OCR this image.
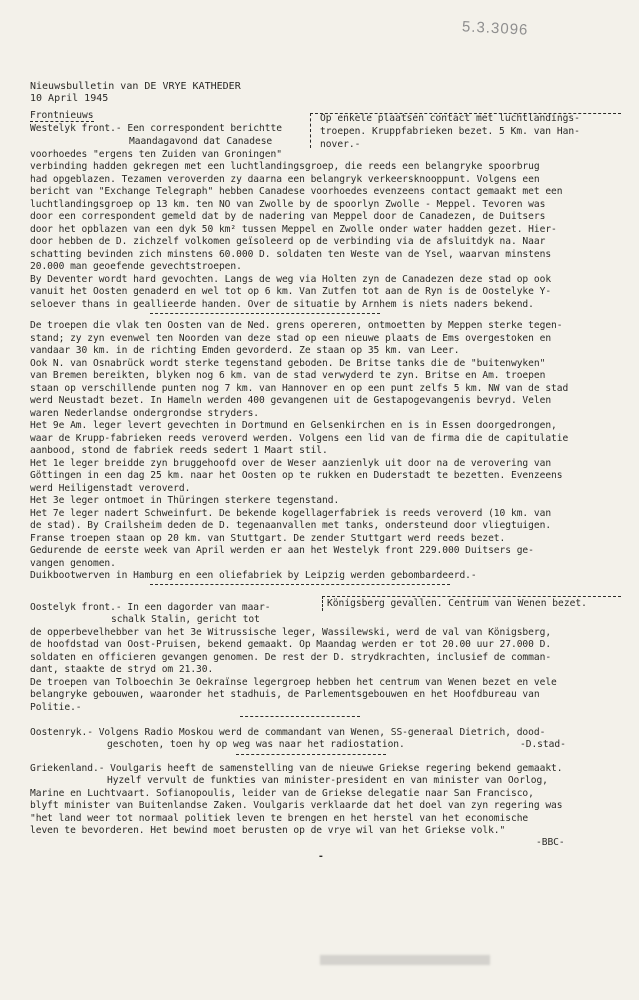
5.3.3096
Nieuwsbulletin van DE VRYE KATHEDER
10 April 1945
Frontnieuws	Op enkele plaatsen contact met luchtlandings-
troepen. Kruppfabrieken bezet. 5 Km. van Han-
nover.-
Westelyk front.- Een correspondent berichtte
Maandagavond dat Canadese
voorhoedes "ergens ten Zuiden van Groningen"
verbinding hadden gekregen met een luchtlandingsgroep, die reeds een belangryke spoorbrug
had opgeblazen. Tezamen veroverden zy daarna een belangryk verkeersknooppunt. Volgens een
bericht van "Exchange Telegraph" hebben Canadese voorhoedes evenzeens contact gemaakt met een
luchtlandingsgroep op 13 km. ten NO van Zwolle by de spoorlyn Zwolle - Meppel. Tevoren was
door een correspondent gemeld dat by de nadering van Meppel door de Canadezen, de Duitsers
door het opblazen van een dyk 50 km² tussen Meppel en Zwolle onder water hadden gezet. Hier-
door hebben de D. zichzelf volkomen geïsoleerd op de verbinding via de afsluitdyk na. Naar
schatting bevinden zich minstens 60.000 D. soldaten ten Weste van de Ysel, waarvan minstens
20.000 man geoefende gevechtstroepen.
By Deventer wordt hard gevochten. Langs de weg via Holten zyn de Canadezen deze stad op ook
vanuit het Oosten genaderd en wel tot op 6 km. Van Zutfen tot aan de Ryn is de Oostelyke Y-
seloever thans in geallieerde handen. Over de situatie by Arnhem is niets naders bekend.
De troepen die vlak ten Oosten van de Ned. grens opereren, ontmoetten by Meppen sterke tegen-
stand; zy zyn evenwel ten Noorden van deze stad op een nieuwe plaats de Ems overgestoken en
vandaar 30 km. in de richting Emden gevorderd. Ze staan op 35 km. van Leer.
Ook N. van Osnabrück wordt sterke tegenstand geboden. De Britse tanks die de "buitenwyken"
van Bremen bereikten, blyken nog 6 km. van de stad verwyderd te zyn. Britse en Am. troepen
staan op verschillende punten nog 7 km. van Hannover en op een punt zelfs 5 km. NW van de stad
werd Neustadt bezet. In Hameln werden 400 gevangenen uit de Gestapogevangenis bevryd. Velen
waren Nederlandse ondergrondse stryders.
Het 9e Am. leger levert gevechten in Dortmund en Gelsenkirchen en is in Essen doorgedrongen,
waar de Krupp-fabrieken reeds veroverd werden. Volgens een lid van de firma die de capitulatie
aanbood, stond de fabriek reeds sedert 1 Maart stil.
Het 1e leger breidde zyn bruggehoofd over de Weser aanzienlyk uit door na de verovering van
Göttingen in een dag 25 km. naar het Oosten op te rukken en Duderstadt te bezetten. Evenzeens
werd Heiligenstadt veroverd.
Het 3e leger ontmoet in Thüringen sterkere tegenstand.
Het 7e leger nadert Schweinfurt. De bekende kogellagerfabriek is reeds veroverd (10 km. van
de stad). By Crailsheim deden de D. tegenaanvallen met tanks, ondersteund door vliegtuigen.
Franse troepen staan op 20 km. van Stuttgart. De zender Stuttgart werd reeds bezet.
Gedurende de eerste week van April werden er aan het Westelyk front 229.000 Duitsers ge-
vangen genomen.
Duikbootwerven in Hamburg en een oliefabriek by Leipzig werden gebombardeerd.-
Königsberg gevallen. Centrum van Wenen bezet.
Oostelyk front.- In een dagorder van maar-
schalk Stalin, gericht tot
de opperbevelhebber van het 3e Witrussische leger, Wassilewski, werd de val van Königsberg,
de hoofdstad van Oost-Pruisen, bekend gemaakt. Op Maandag werden er tot 20.00 uur 27.000 D.
soldaten en officieren gevangen genomen. De rest der D. strydkrachten, inclusief de comman-
dant, staakte de stryd om 21.30.
De troepen van Tolboechin 3e Oekraïnse legergroep hebben het centrum van Wenen bezet en vele
belangryke gebouwen, waaronder het stadhuis, de Parlementsgebouwen en het Hoofdbureau van
Politie.-
Oostenryk.- Volgens Radio Moskou werd de commandant van Wenen, SS-generaal Dietrich, dood-
geschoten, toen hy op weg was naar het radiostation.	-D.stad-
Griekenland.- Voulgaris heeft de samenstelling van de nieuwe Griekse regering bekend gemaakt.
Hyzelf vervult de funkties van minister-president en van minister van Oorlog,
Marine en Luchtvaart. Sofianopoulis, leider van de Griekse delegatie naar San Francisco,
blyft minister van Buitenlandse Zaken. Voulgaris verklaarde dat het doel van zyn regering was
"het land weer tot normaal politiek leven te brengen en het herstel van het economische
leven te bevorderen. Het bewind moet berusten op de vrye wil van het Griekse volk."
-BBC-
-
